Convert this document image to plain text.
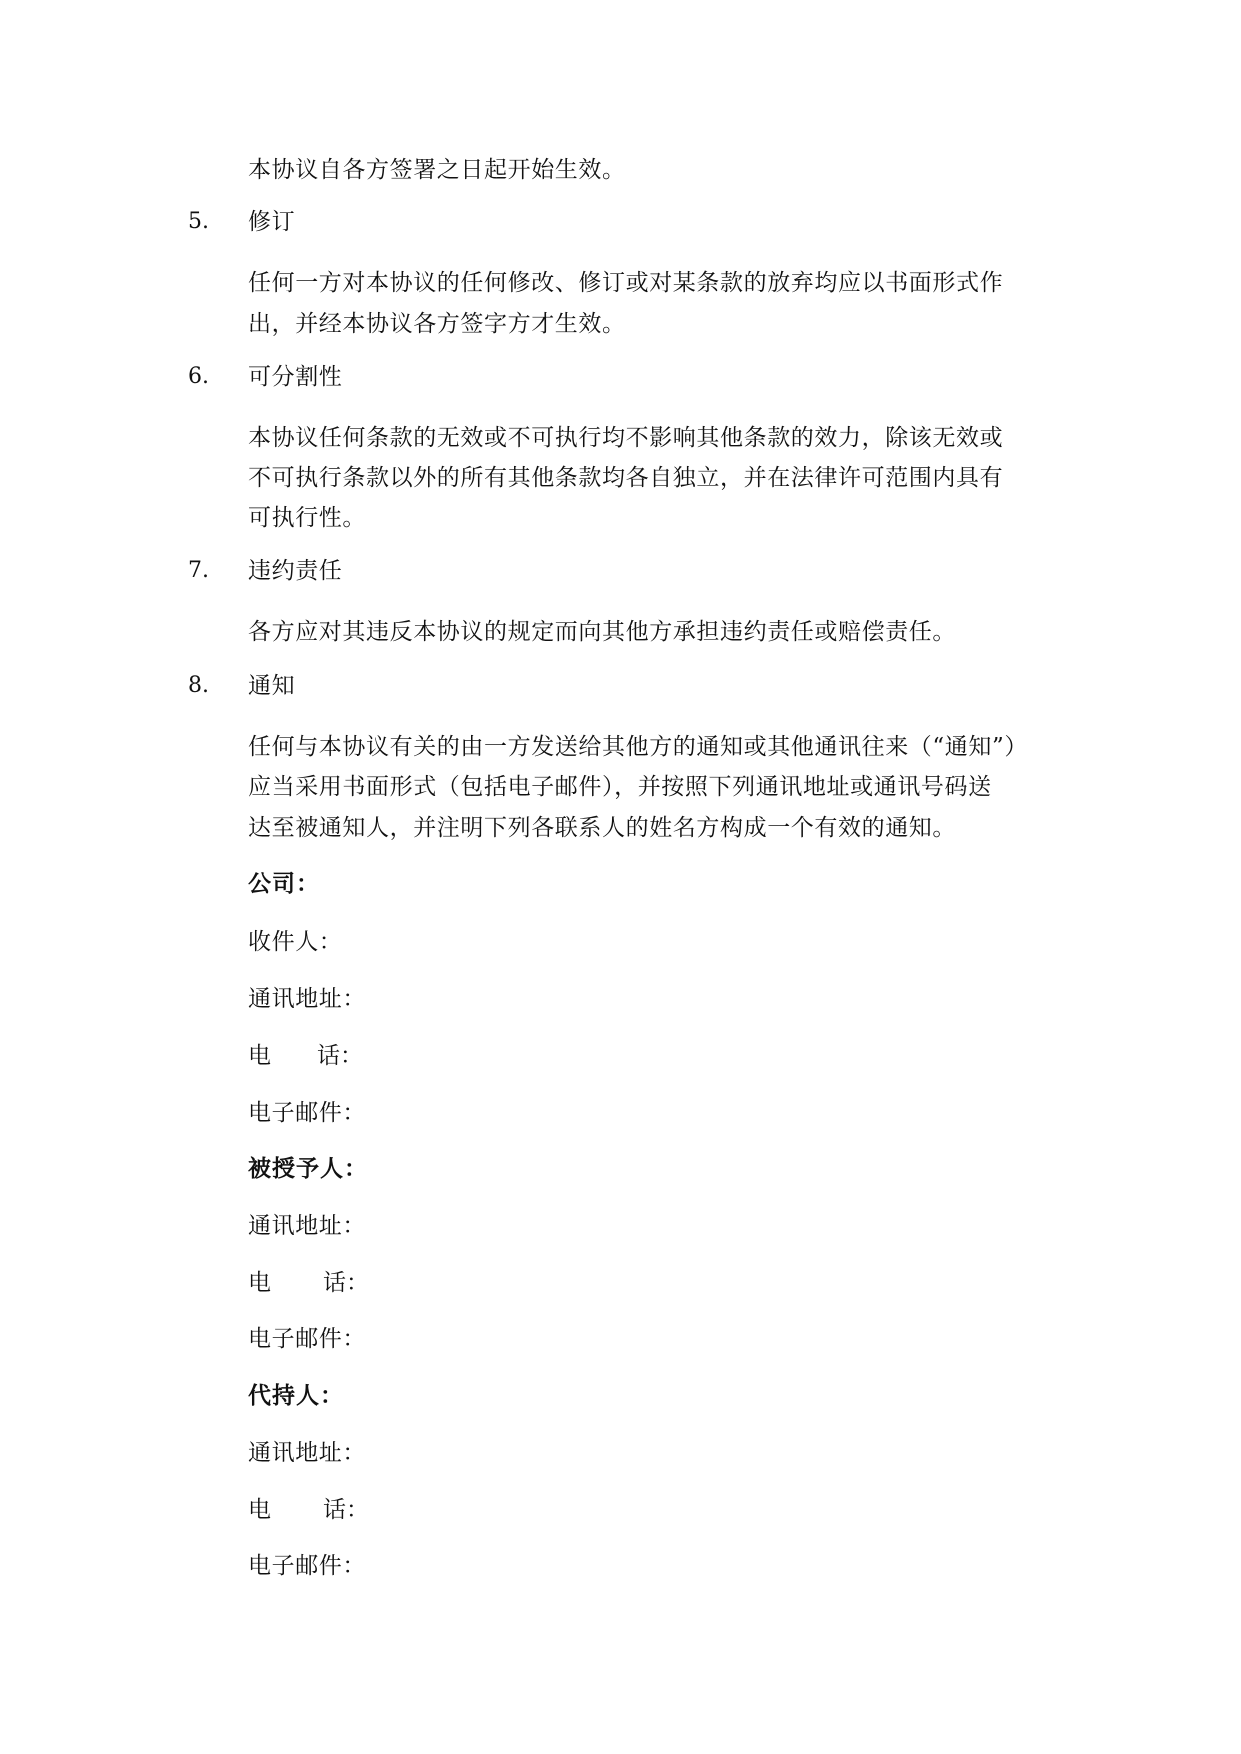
本协议自各方签署之日起开始生效。
5. 修订
任何一方对本协议的任何修改、修订或对某条款的放弃均应以书面形式作
出，并经本协议各方签字方才生效。
6. 可分割性
本协议任何条款的无效或不可执行均不影响其他条款的效力，除该无效或
不可执行条款以外的所有其他条款均各自独立，并在法律许可范围内具有
可执行性。
7. 违约责任
各方应对其违反本协议的规定而向其他方承担违约责任或赔偿责任。
8. 通知
任何与本协议有关的由一方发送给其他方的通知或其他通讯往来（“通知”）
应当采用书面形式（包括电子邮件），并按照下列通讯地址或通讯号码送
达至被通知人，并注明下列各联系人的姓名方构成一个有效的通知。
公司：
收件人：
通讯地址：
电 话：
电子邮件：
被授予人：
通讯地址：
电 话：
电子邮件：
代持人：
通讯地址：
电 话：
电子邮件：
